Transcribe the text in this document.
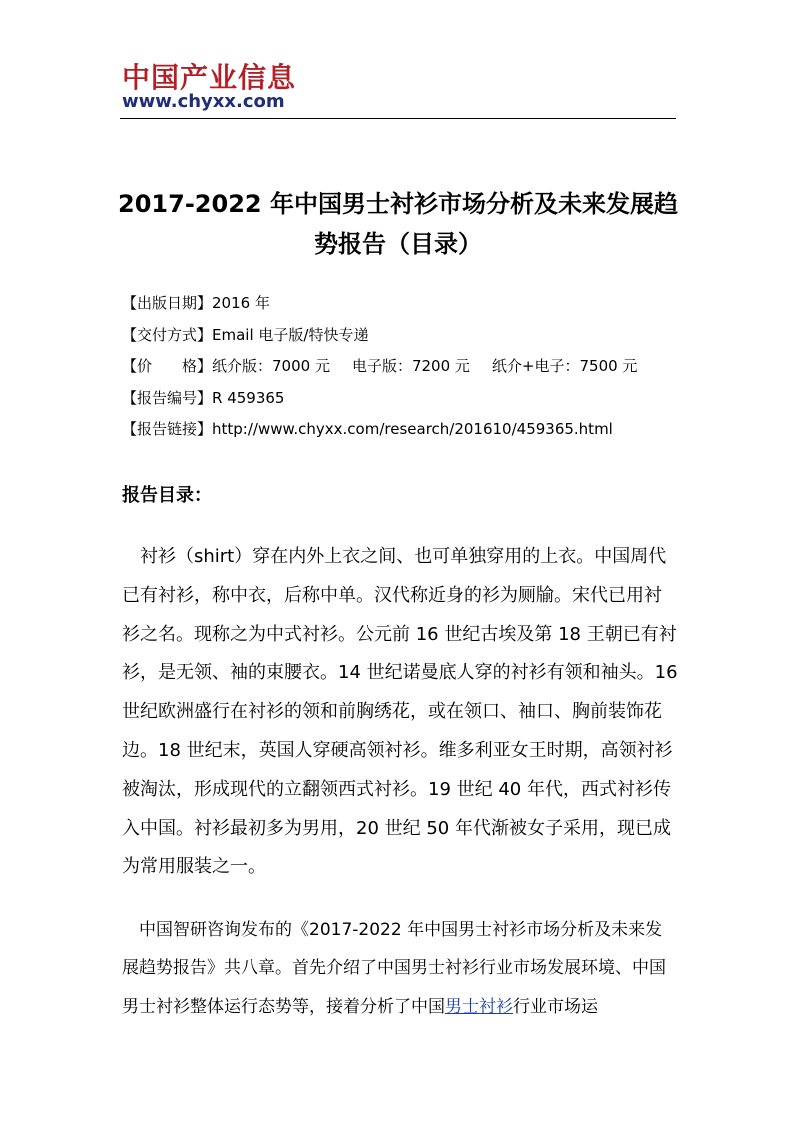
中国产业信息
www.chyxx.com
2017-2022 年中国男士衬衫市场分析及未来发展趋
势报告（目录）
【出版日期】2016 年
【交付方式】Email 电子版/特快专递
【价　　格】纸介版：7000 元 电子版：7200 元 纸介+电子：7500 元
【报告编号】R 459365
【报告链接】http://www.chyxx.com/research/201610/459365.html
报告目录：
　衬衫（shirt）穿在内外上衣之间、也可单独穿用的上衣。中国周代已有衬衫，称中衣，后称中单。汉代称近身的衫为厕牏。宋代已用衬衫之名。现称之为中式衬衫。公元前 16 世纪古埃及第 18 王朝已有衬衫，是无领、袖的束腰衣。14 世纪诺曼底人穿的衬衫有领和袖头。16 世纪欧洲盛行在衬衫的领和前胸绣花，或在领口、袖口、胸前装饰花边。18 世纪末，英国人穿硬高领衬衫。维多利亚女王时期，高领衬衫被淘汰，形成现代的立翻领西式衬衫。19 世纪 40 年代，西式衬衫传入中国。衬衫最初多为男用，20 世纪 50 年代渐被女子采用，现已成为常用服装之一。
　中国智研咨询发布的《2017-2022 年中国男士衬衫市场分析及未来发展趋势报告》共八章。首先介绍了中国男士衬衫行业市场发展环境、中国男士衬衫整体运行态势等，接着分析了中国男士衬衫行业市场运
